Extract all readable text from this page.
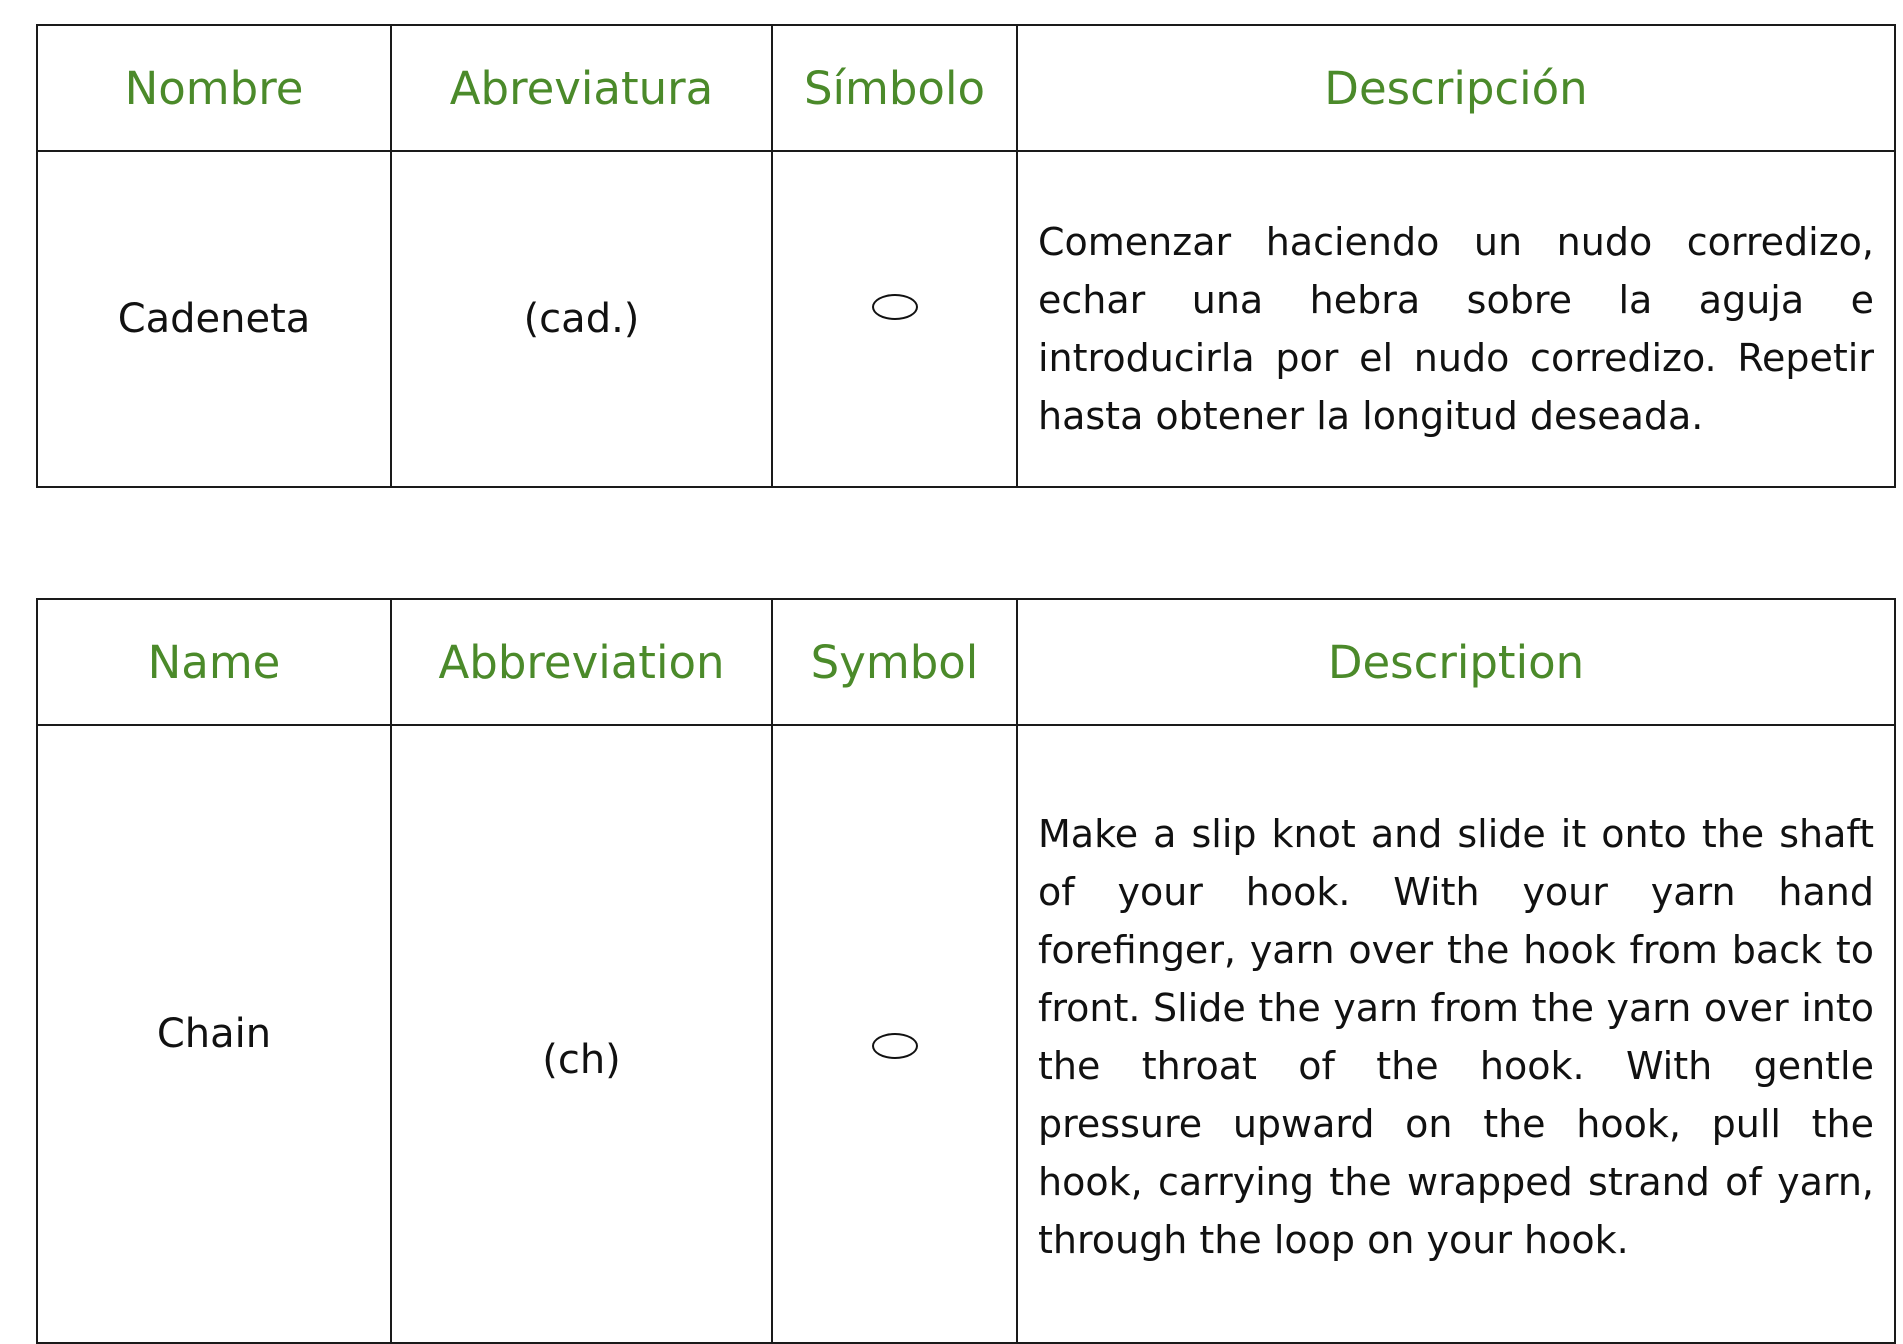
Nombre	Abreviatura	Símbolo	Descripción
Cadeneta	(cad.)		Comenzar haciendo un nudo corredizo, echar una hebra sobre la aguja e introducirla por el nudo corredizo. Repetir hasta obtener la longitud deseada.
Name	Abbreviation	Symbol	Description
Chain	(ch)		Make a slip knot and slide it onto the shaft of your hook. With your yarn hand forefinger, yarn over the hook from back to front. Slide the yarn from the yarn over into the throat of the hook. With gentle pressure upward on the hook, pull the hook, carrying the wrapped strand of yarn, through the loop on your hook.
